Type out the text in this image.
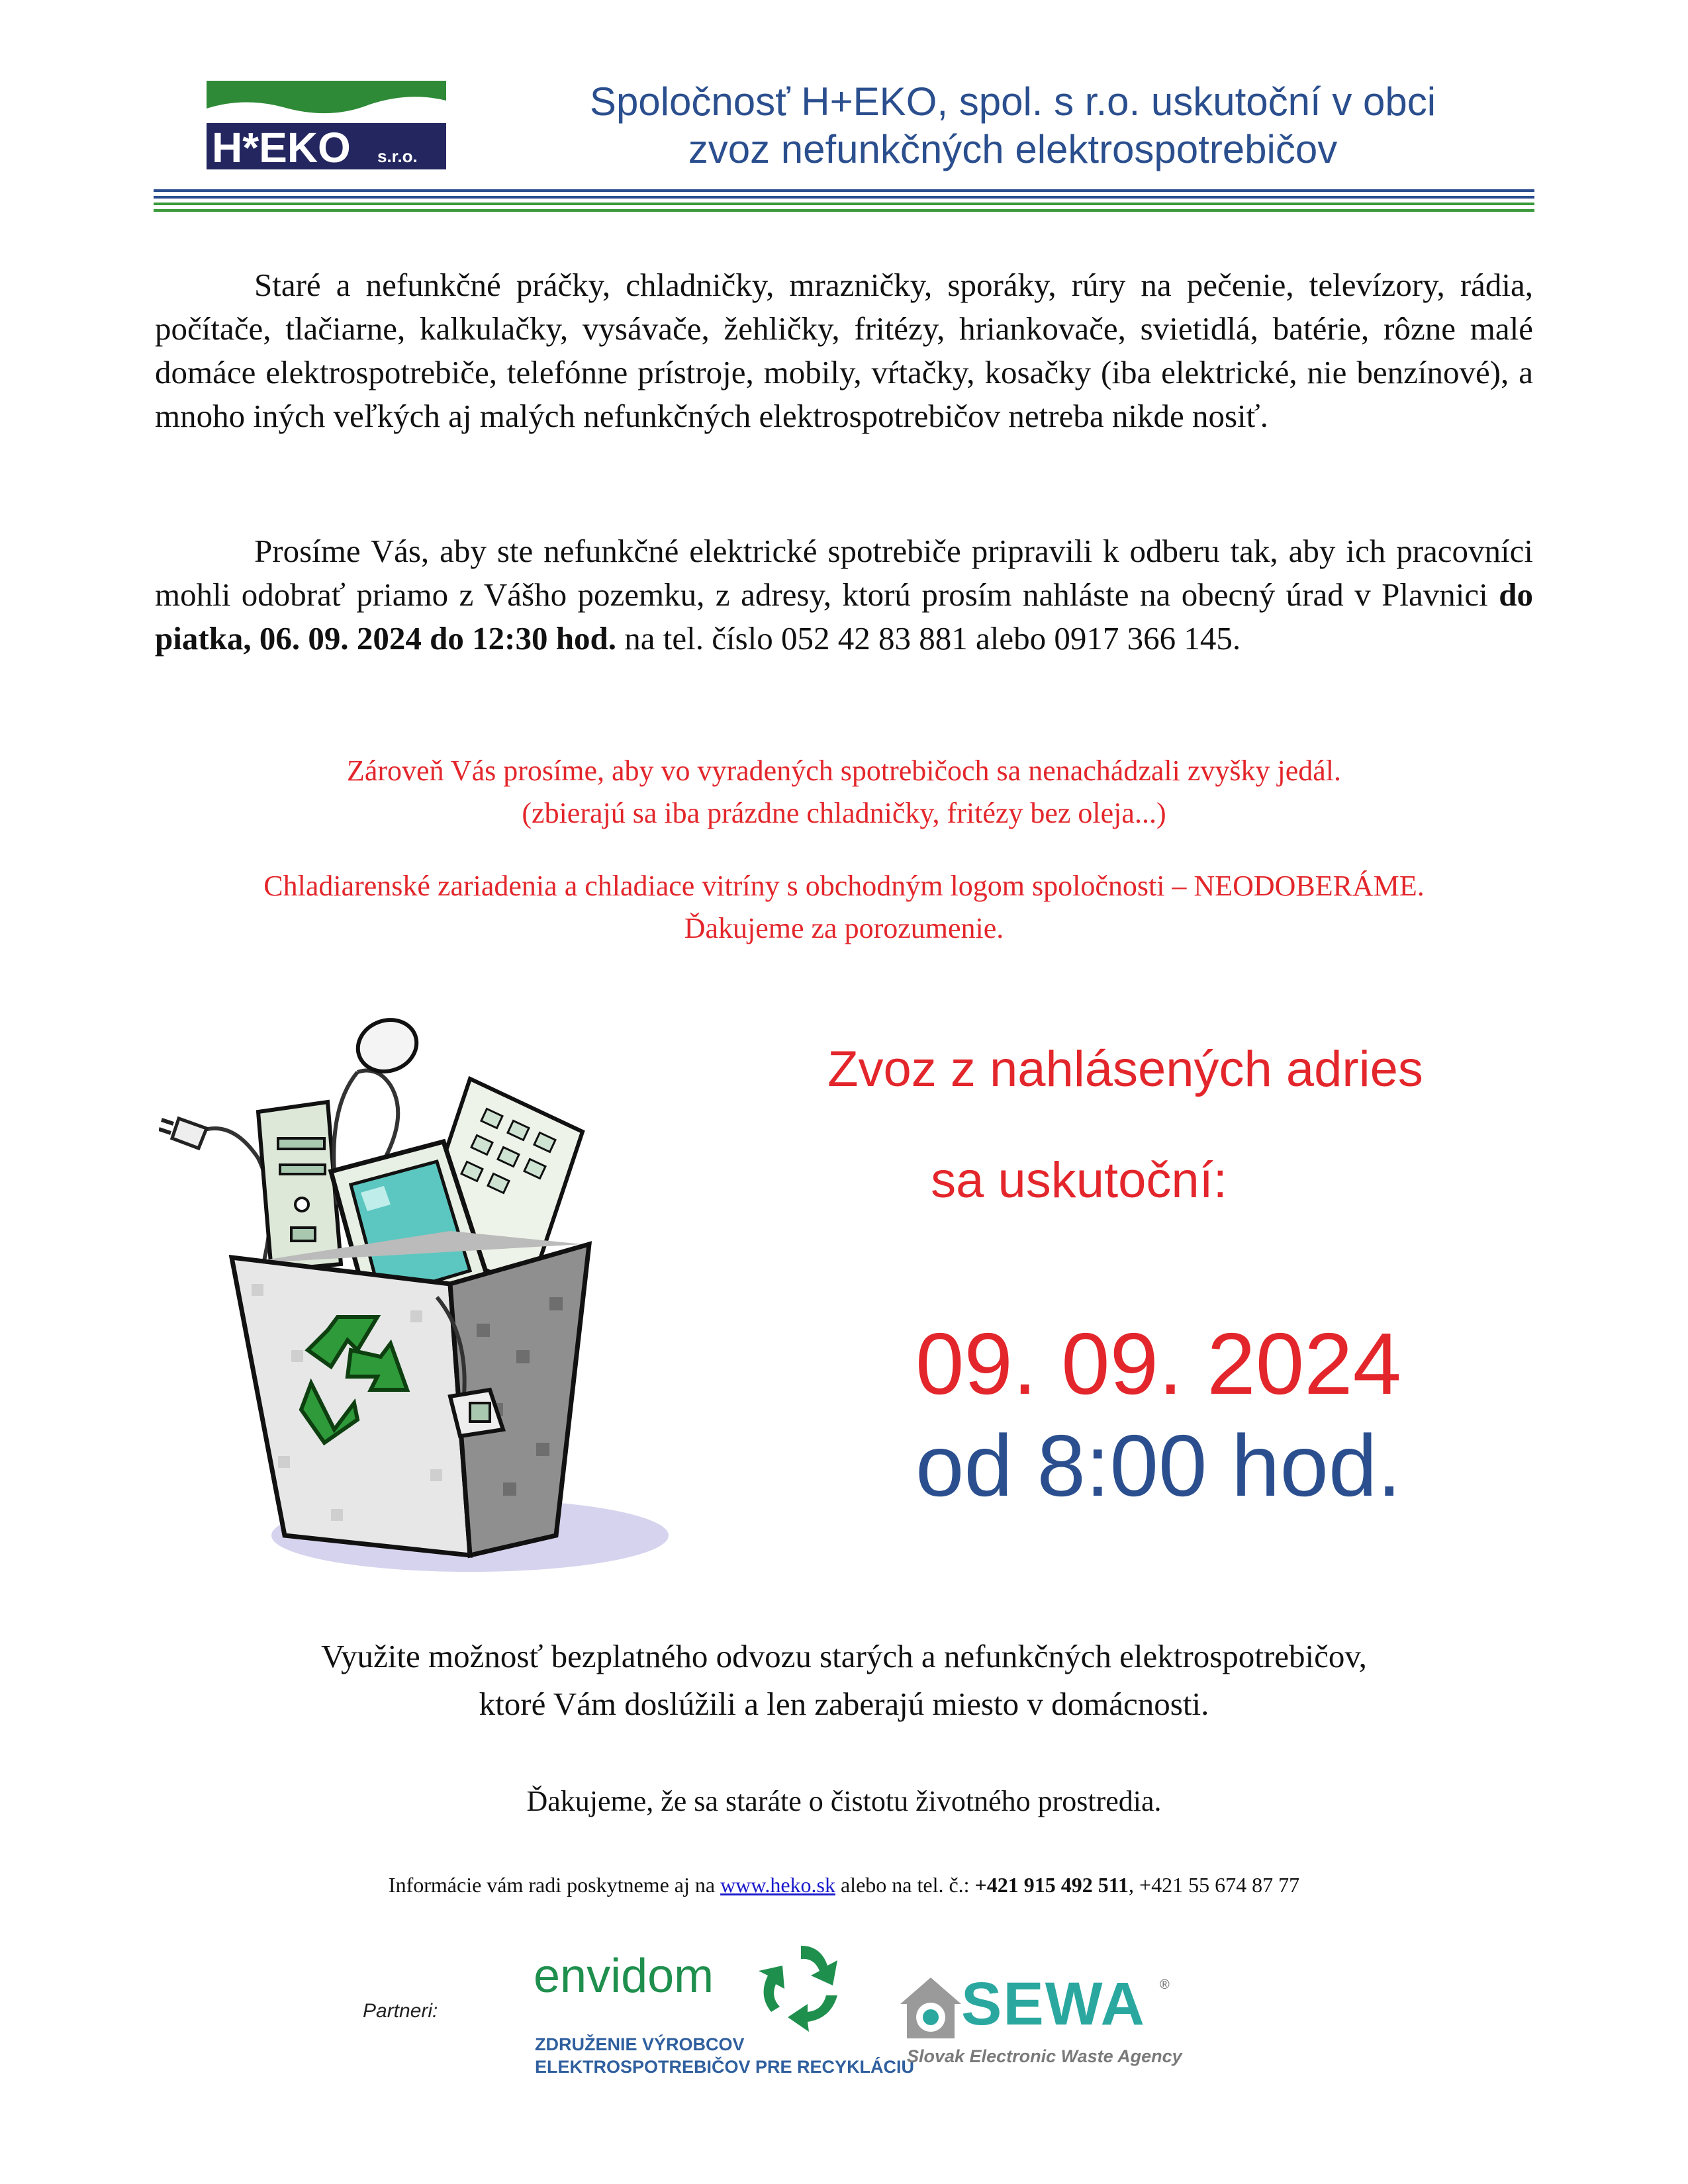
H*EKO s.r.o.
Spoločnosť H+EKO, spol. s r.o. uskutoční v obci
zvoz nefunkčných elektrospotrebičov
Staré a nefunkčné práčky, chladničky, mrazničky, sporáky, rúry na pečenie, televízory, rádia, počítače, tlačiarne, kalkulačky, vysávače, žehličky, fritézy, hriankovače, svietidlá, batérie, rôzne malé domáce elektrospotrebiče, telefónne prístroje, mobily, vŕtačky, kosačky (iba elektrické, nie benzínové), a mnoho iných veľkých aj malých nefunkčných elektrospotrebičov netreba nikde nosiť.
Prosíme Vás, aby ste nefunkčné elektrické spotrebiče pripravili k odberu tak, aby ich pracovníci mohli odobrať priamo z Vášho pozemku, z adresy, ktorú prosím nahláste na obecný úrad v Plavnici do piatka, 06. 09. 2024 do 12:30 hod. na tel. číslo 052 42 83 881 alebo 0917 366 145.
Zároveň Vás prosíme, aby vo vyradených spotrebičoch sa nenachádzali zvyšky jedál.
(zbierajú sa iba prázdne chladničky, fritézy bez oleja...)
Chladiarenské zariadenia a chladiace vitríny s obchodným logom spoločnosti – NEODOBERÁME.
Ďakujeme za porozumenie.
Zvoz z nahlásených adries
sa uskutoční:
09. 09. 2024
od 8:00 hod.
Využite možnosť bezplatného odvozu starých a nefunkčných elektrospotrebičov,
ktoré Vám doslúžili a len zaberajú miesto v domácnosti.
Ďakujeme, že sa staráte o čistotu životného prostredia.
Informácie vám radi poskytneme aj na www.heko.sk alebo na tel. č.: +421 915 492 511, +421 55 674 87 77
Partneri:
envidom
ZDRUŽENIE VÝROBCOV
ELEKTROSPOTREBIČOV PRE RECYKLÁCIU
SEWA ®
Slovak Electronic Waste Agency
